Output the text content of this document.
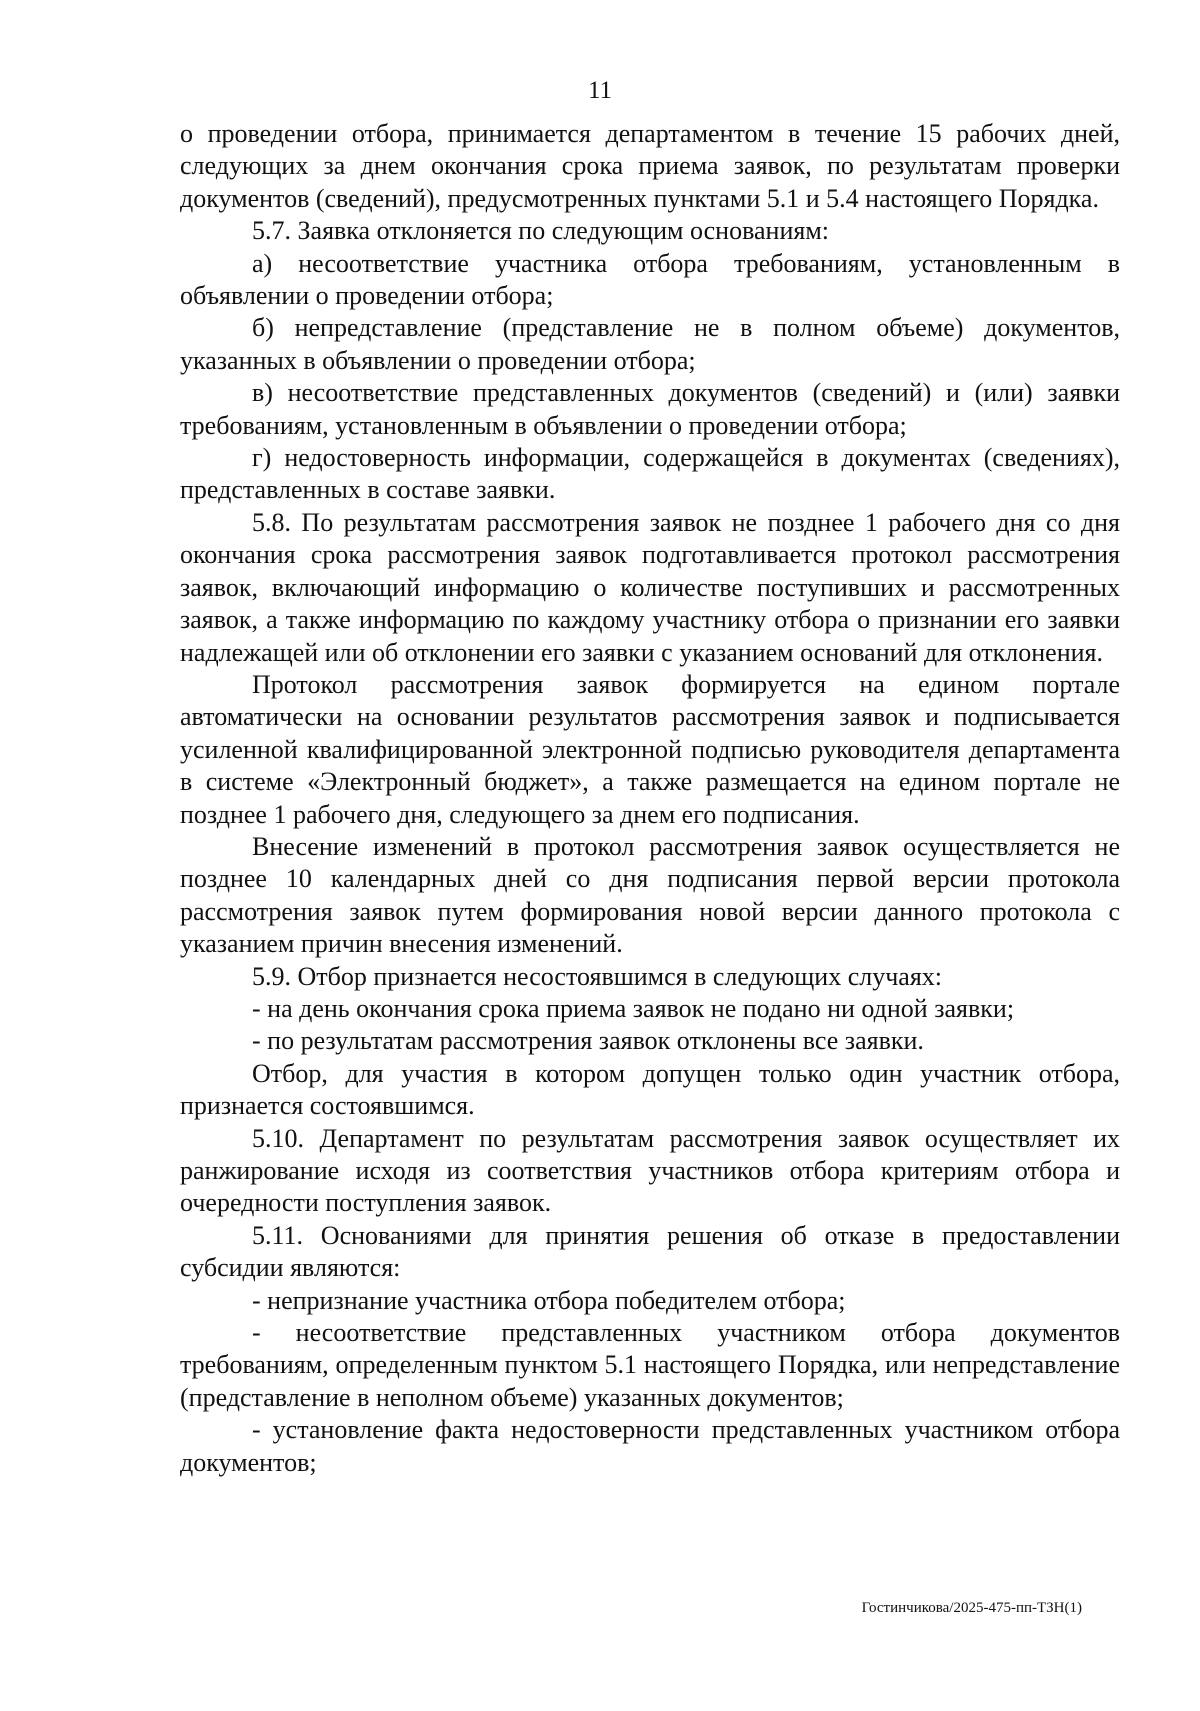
11

о проведении отбора, принимается департаментом в течение 15 рабочих дней, следующих за днем окончания срока приема заявок, по результатам проверки документов (сведений), предусмотренных пунктами 5.1 и 5.4 настоящего Порядка.

5.7. Заявка отклоняется по следующим основаниям:

а) несоответствие участника отбора требованиям, установленным в объявлении о проведении отбора;

б) непредставление (представление не в полном объеме) документов, указанных в объявлении о проведении отбора;

в) несоответствие представленных документов (сведений) и (или) заявки требованиям, установленным в объявлении о проведении отбора;

г) недостоверность информации, содержащейся в документах (сведениях), представленных в составе заявки.

5.8. По результатам рассмотрения заявок не позднее 1 рабочего дня со дня окончания срока рассмотрения заявок подготавливается протокол рассмотрения заявок, включающий информацию о количестве поступивших и рассмотренных заявок, а также информацию по каждому участнику отбора о признании его заявки надлежащей или об отклонении его заявки с указанием оснований для отклонения.

Протокол рассмотрения заявок формируется на едином портале автоматически на основании результатов рассмотрения заявок и подписывается усиленной квалифицированной электронной подписью руководителя департамента в системе «Электронный бюджет», а также размещается на едином портале не позднее 1 рабочего дня, следующего за днем его подписания.

Внесение изменений в протокол рассмотрения заявок осуществляется не позднее 10 календарных дней со дня подписания первой версии протокола рассмотрения заявок путем формирования новой версии данного протокола с указанием причин внесения изменений.

5.9. Отбор признается несостоявшимся в следующих случаях:

- на день окончания срока приема заявок не подано ни одной заявки;

- по результатам рассмотрения заявок отклонены все заявки.

Отбор, для участия в котором допущен только один участник отбора, признается состоявшимся.

5.10. Департамент по результатам рассмотрения заявок осуществляет их ранжирование исходя из соответствия участников отбора критериям отбора и очередности поступления заявок.

5.11. Основаниями для принятия решения об отказе в предоставлении субсидии являются:

- непризнание участника отбора победителем отбора;

- несоответствие представленных участником отбора документов требованиям, определенным пунктом 5.1 настоящего Порядка, или непредставление (представление в неполном объеме) указанных документов;

- установление факта недостоверности представленных участником отбора документов;

Гостинчикова/2025-475-пп-ТЗН(1)
